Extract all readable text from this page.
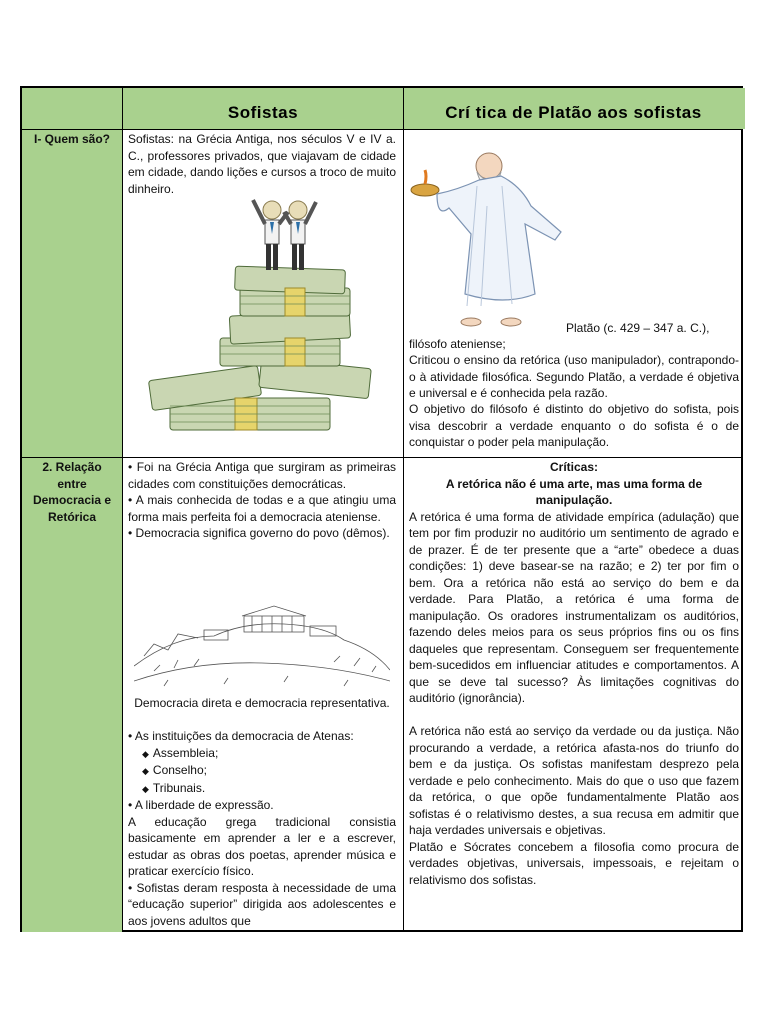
Sofistas	Crí tica de Platão aos sofistas
I- Quem são?	Sofistas: na Grécia Antiga, nos séculos V e IV a. C., professores privados, que viajavam de cidade em cidade, dando lições e cursos a troco de muito dinheiro.
Platão (c. 429 – 347 a. C.),
filósofo ateniense;
Criticou o ensino da retórica (uso manipulador), contrapondo-o à atividade filosófica. Segundo Platão, a verdade é objetiva e universal e é conhecida pela razão.
O objetivo do filósofo é distinto do objetivo do sofista, pois visa descobrir a verdade enquanto o do sofista é o de conquistar o poder pela manipulação.
2. Relação entre Democracia e Retórica

• Foi na Grécia Antiga que surgiram as primeiras cidades com constituições democráticas.

• A mais conhecida de todas e a que atingiu uma forma mais perfeita foi a democracia ateniense.

• Democracia significa governo do povo (dêmos).

Democracia direta e democracia representativa.

• As instituições da democracia de Atenas:

◆ Assembleia;
◆ Conselho;
◆ Tribunais.

• A liberdade de expressão.

A educação grega tradicional consistia basicamente em aprender a ler e a escrever, estudar as obras dos poetas, aprender música e praticar exercício físico.

• Sofistas deram resposta à necessidade de uma “educação superior” dirigida aos adolescentes e aos jovens adultos que

Críticas:

A retórica não é uma arte, mas uma forma de manipulação.

A retórica é uma forma de atividade empírica (adulação) que tem por fim produzir no auditório um sentimento de agrado e de prazer. É de ter presente que a “arte” obedece a duas condições: 1) deve basear-se na razão; e 2) ter por fim o bem. Ora a retórica não está ao serviço do bem e da verdade. Para Platão, a retórica é uma forma de manipulação. Os oradores instrumentalizam os auditórios, fazendo deles meios para os seus próprios fins ou os fins daqueles que representam. Conseguem ser frequentemente bem-sucedidos em influenciar atitudes e comportamentos. A que se deve tal sucesso? Às limitações cognitivas do auditório (ignorância).

A retórica não está ao serviço da verdade ou da justiça. Não procurando a verdade, a retórica afasta-nos do triunfo do bem e da justiça. Os sofistas manifestam desprezo pela verdade e pelo conhecimento. Mais do que o uso que fazem da retórica, o que opõe fundamentalmente Platão aos sofistas é o relativismo destes, a sua recusa em admitir que haja verdades universais e objetivas.

Platão e Sócrates concebem a filosofia como procura de verdades objetivas, universais, impessoais, e rejeitam o relativismo dos sofistas.
